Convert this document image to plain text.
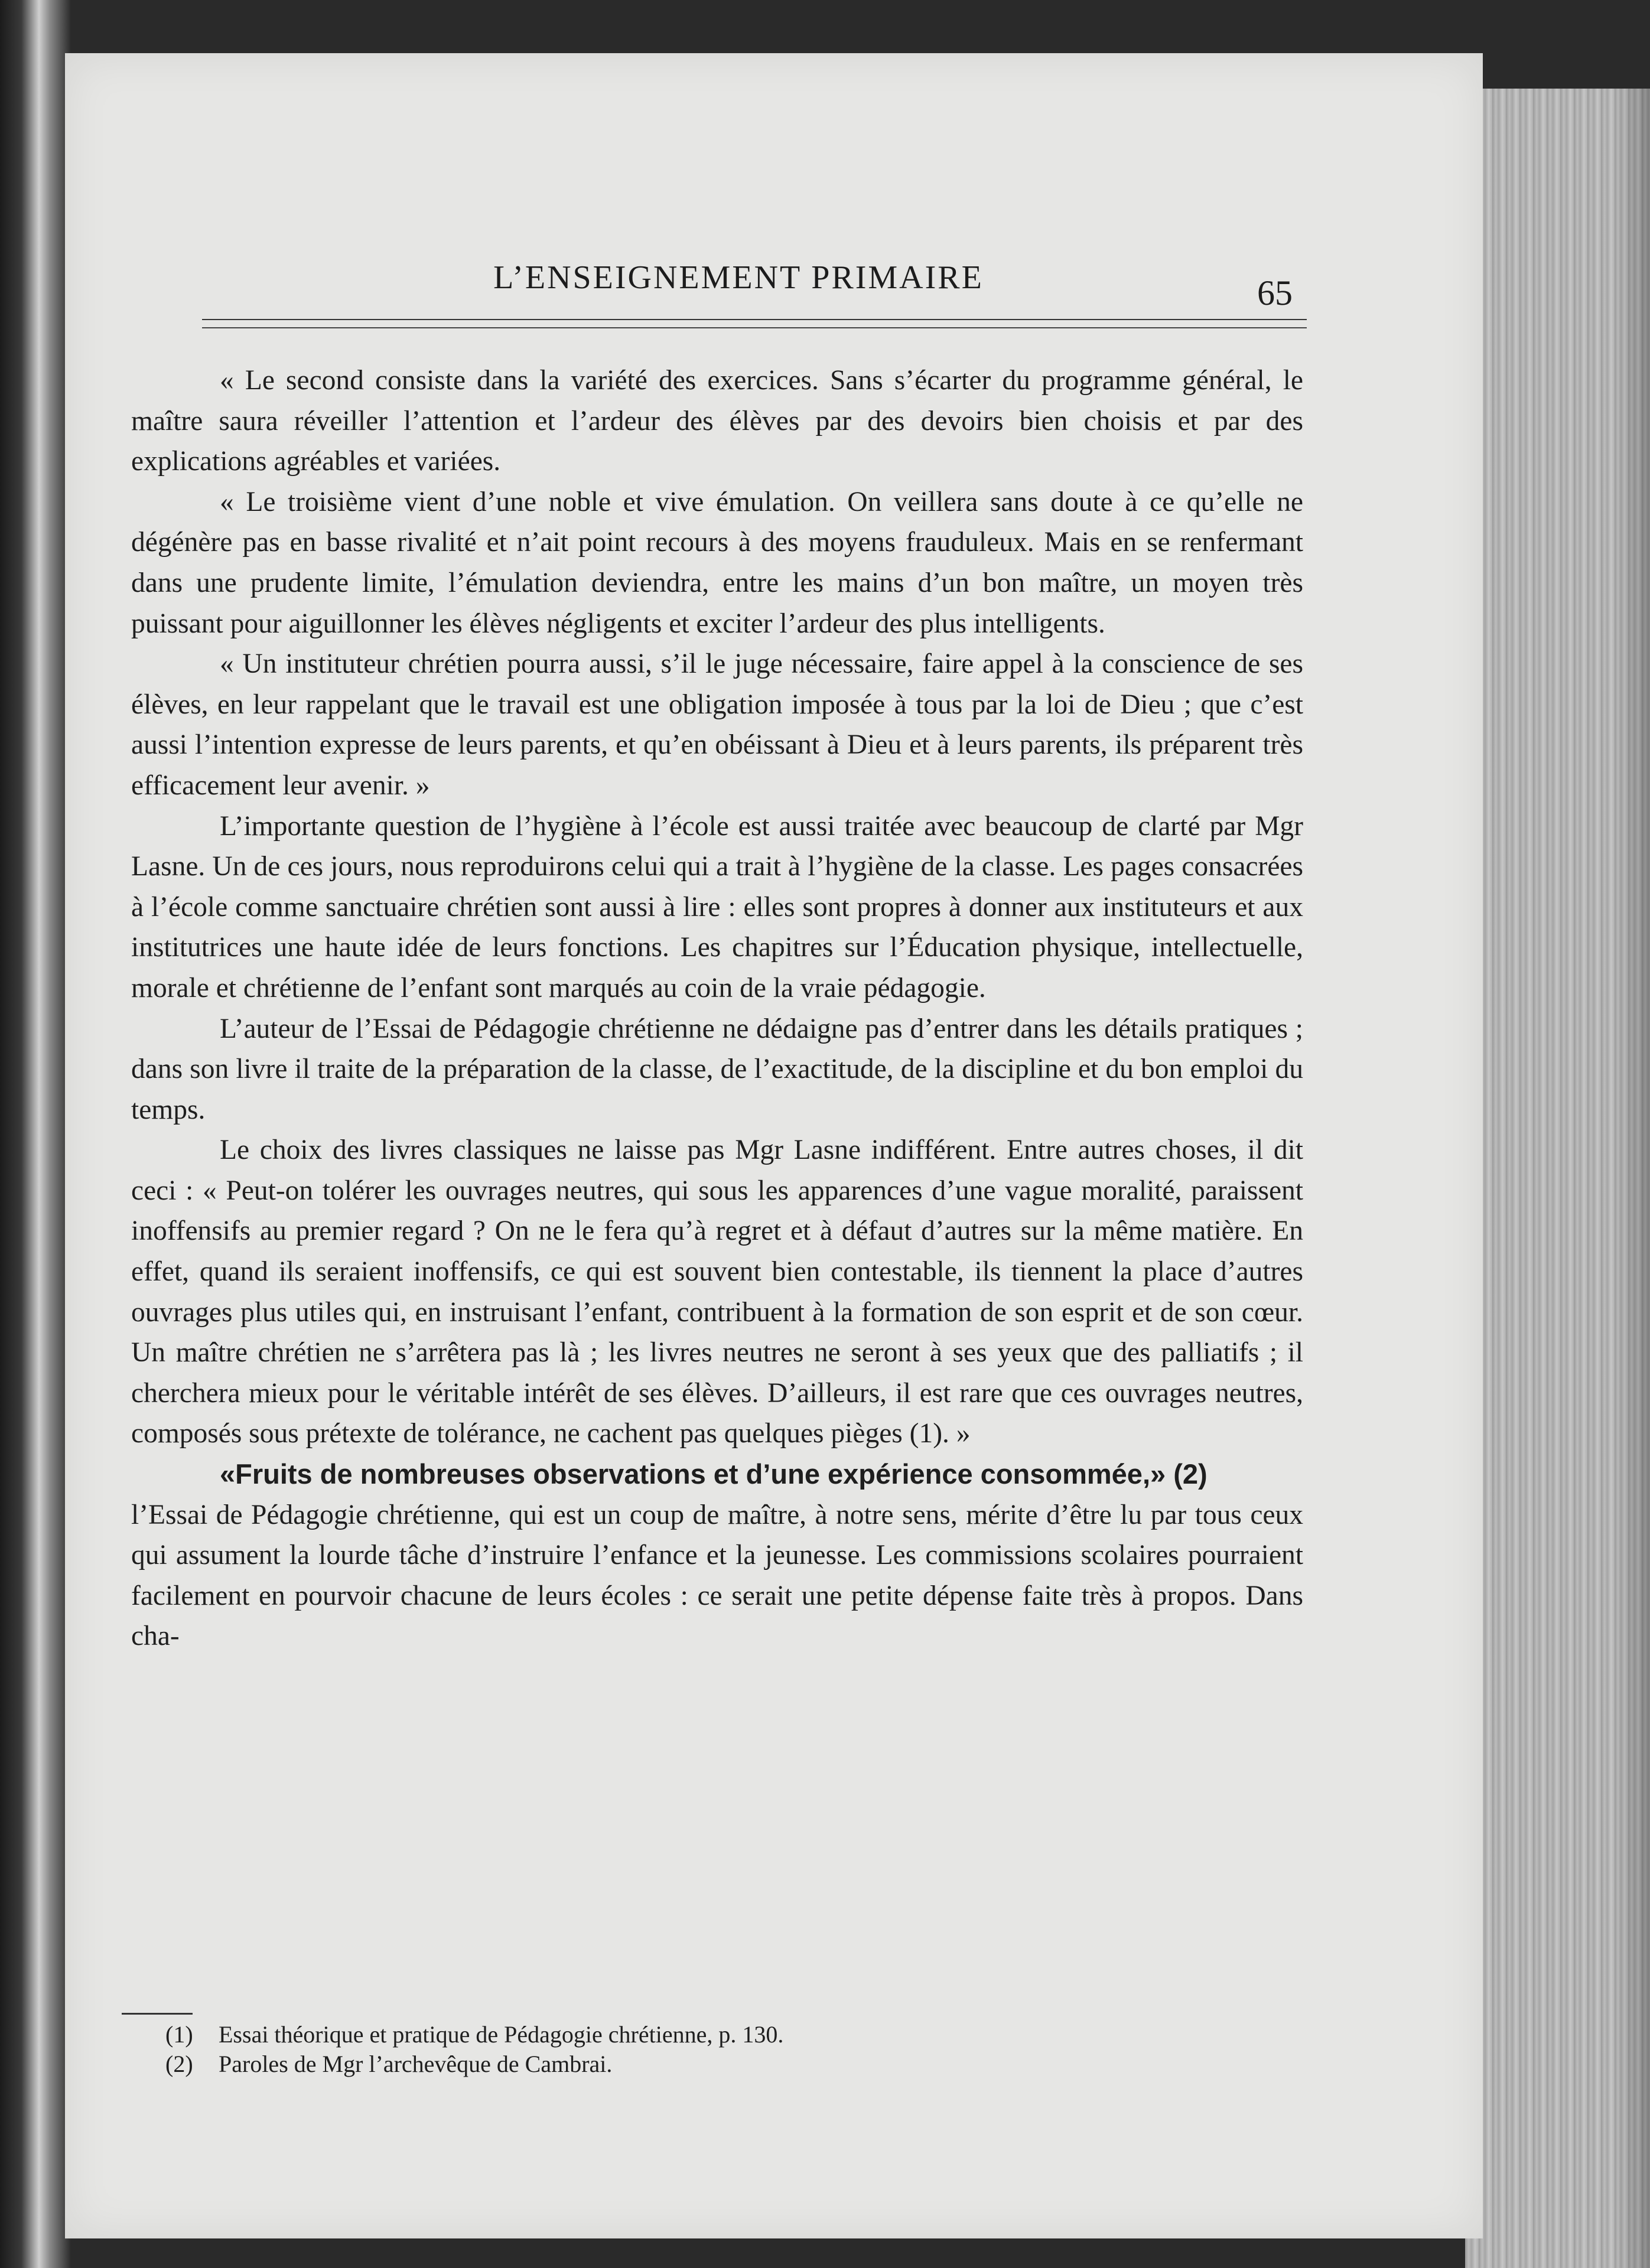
L’ENSEIGNEMENT PRIMAIRE	65

« Le second consiste dans la variété des exercices. Sans s’écarter du programme général, le maître saura réveiller l’attention et l’ardeur des élèves par des devoirs bien choisis et par des explications agréables et variées.

« Le troisième vient d’une noble et vive émulation. On veillera sans doute à ce qu’elle ne dégénère pas en basse rivalité et n’ait point recours à des moyens frauduleux. Mais en se renfermant dans une prudente limite, l’émulation deviendra, entre les mains d’un bon maître, un moyen très puissant pour aiguillonner les élèves négligents et exciter l’ardeur des plus intelligents.

« Un instituteur chrétien pourra aussi, s’il le juge nécessaire, faire appel à la conscience de ses élèves, en leur rappelant que le travail est une obligation imposée à tous par la loi de Dieu ; que c’est aussi l’intention expresse de leurs parents, et qu’en obéissant à Dieu et à leurs parents, ils préparent très efficacement leur avenir. »

L’importante question de l’hygiène à l’école est aussi traitée avec beaucoup de clarté par Mgr Lasne. Un de ces jours, nous reproduirons celui qui a trait à l’hygiène de la classe. Les pages consacrées à l’école comme sanctuaire chrétien sont aussi à lire : elles sont propres à donner aux instituteurs et aux institutrices une haute idée de leurs fonctions. Les chapitres sur l’Éducation physique, intellectuelle, morale et chrétienne de l’enfant sont marqués au coin de la vraie pédagogie.

L’auteur de l’Essai de Pédagogie chrétienne ne dédaigne pas d’entrer dans les détails pratiques ; dans son livre il traite de la préparation de la classe, de l’exactitude, de la discipline et du bon emploi du temps.

Le choix des livres classiques ne laisse pas Mgr Lasne indifférent. Entre autres choses, il dit ceci : « Peut-on tolérer les ouvrages neutres, qui sous les apparences d’une vague moralité, paraissent inoffensifs au premier regard ? On ne le fera qu’à regret et à défaut d’autres sur la même matière. En effet, quand ils seraient inoffensifs, ce qui est souvent bien contestable, ils tiennent la place d’autres ouvrages plus utiles qui, en instruisant l’enfant, contribuent à la formation de son esprit et de son cœur. Un maître chrétien ne s’arrêtera pas là ; les livres neutres ne seront à ses yeux que des palliatifs ; il cherchera mieux pour le véritable intérêt de ses élèves. D’ailleurs, il est rare que ces ouvrages neutres, composés sous prétexte de tolérance, ne cachent pas quelques pièges (1). »

«Fruits de nombreuses observations et d’une expérience consommée,» (2)

l’Essai de Pédagogie chrétienne, qui est un coup de maître, à notre sens, mérite d’être lu par tous ceux qui assument la lourde tâche d’instruire l’enfance et la jeunesse. Les commissions scolaires pourraient facilement en pourvoir chacune de leurs écoles : ce serait une petite dépense faite très à propos. Dans cha-

(1) Essai théorique et pratique de Pédagogie chrétienne, p. 130.
(2) Paroles de Mgr l’archevêque de Cambrai.
